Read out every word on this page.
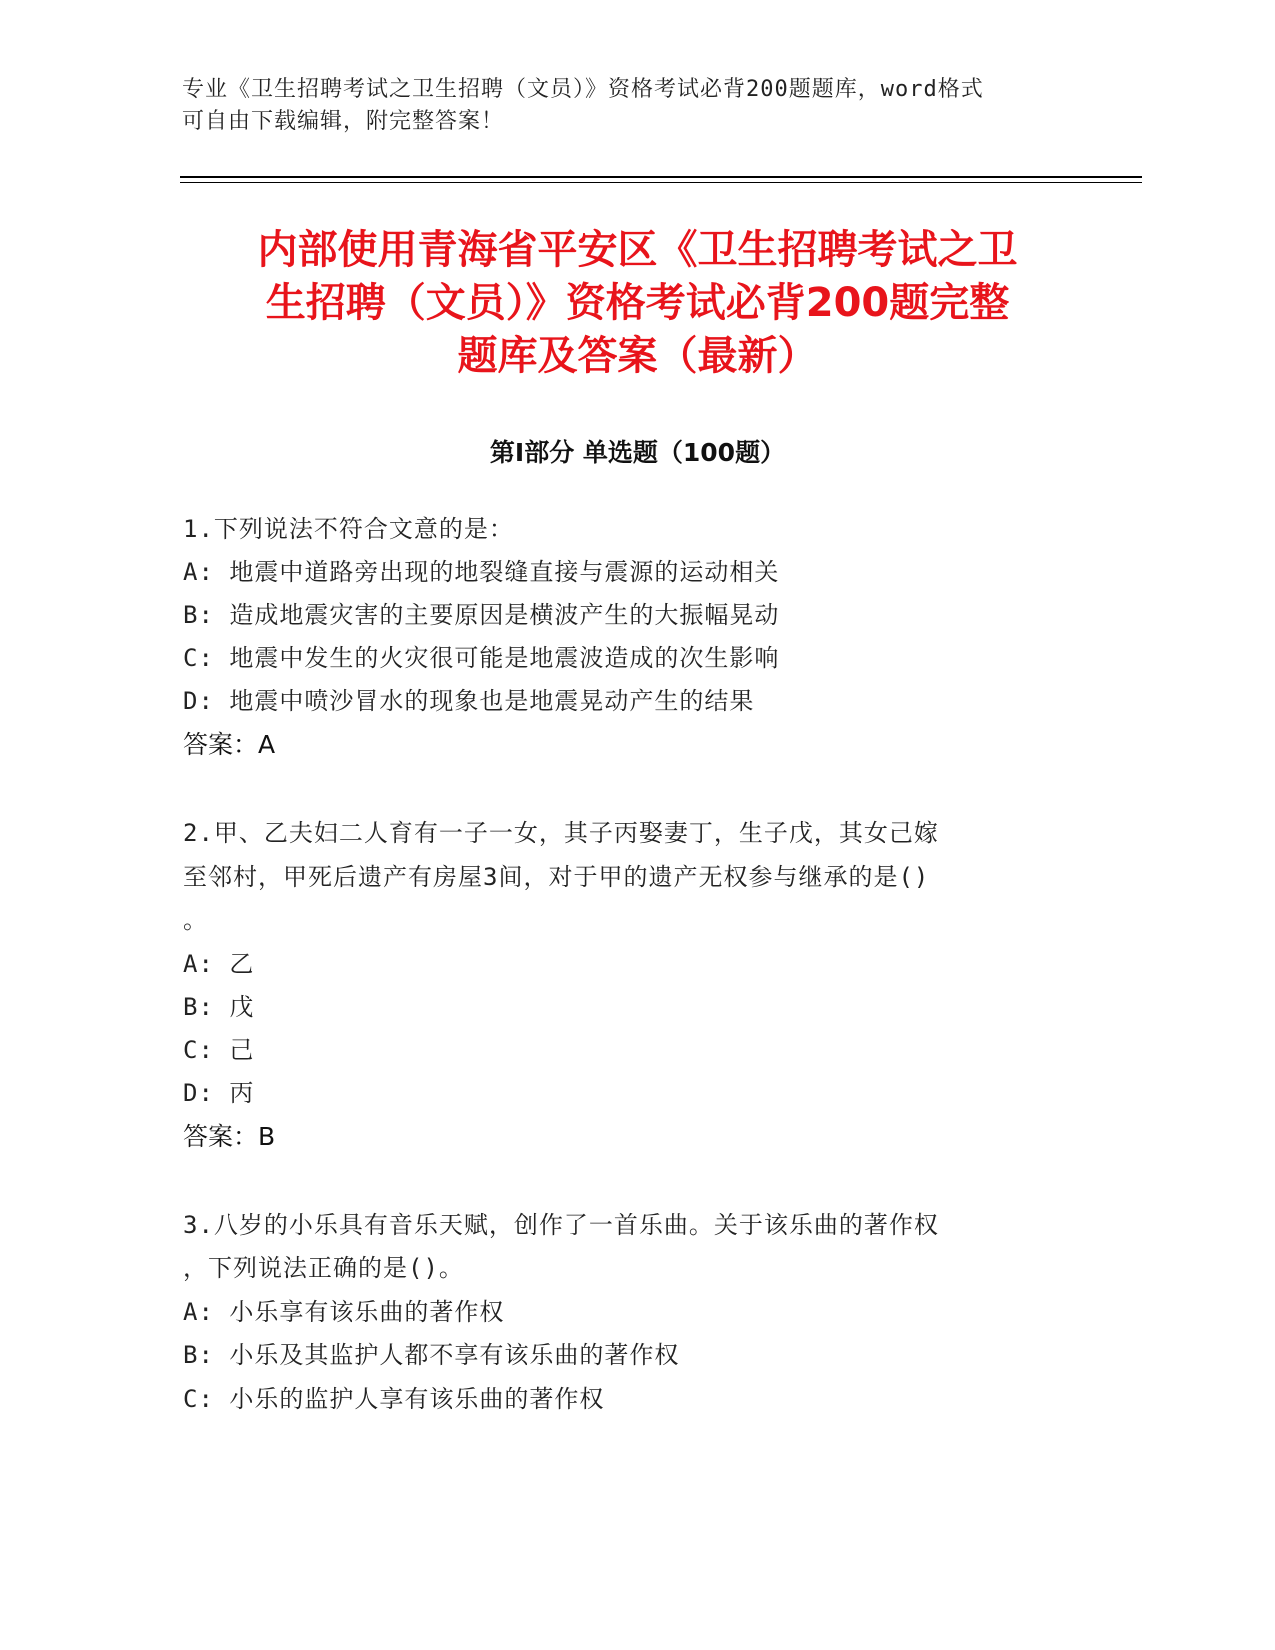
专业《卫生招聘考试之卫生招聘（文员）》资格考试必背200题题库，word格式
可自由下载编辑，附完整答案！
内部使用青海省平安区《卫生招聘考试之卫
生招聘（文员）》资格考试必背200题完整
题库及答案（最新）
第Ⅰ部分 单选题（100题）
1.下列说法不符合文意的是：
A: 地震中道路旁出现的地裂缝直接与震源的运动相关
B: 造成地震灾害的主要原因是横波产生的大振幅晃动
C: 地震中发生的火灾很可能是地震波造成的次生影响
D: 地震中喷沙冒水的现象也是地震晃动产生的结果
答案：A
2.甲、乙夫妇二人育有一子一女，其子丙娶妻丁，生子戊，其女己嫁
至邻村，甲死后遗产有房屋3间，对于甲的遗产无权参与继承的是()
。
A: 乙
B: 戊
C: 己
D: 丙
答案：B
3.八岁的小乐具有音乐天赋，创作了一首乐曲。关于该乐曲的著作权
，下列说法正确的是()。
A: 小乐享有该乐曲的著作权
B: 小乐及其监护人都不享有该乐曲的著作权
C: 小乐的监护人享有该乐曲的著作权
